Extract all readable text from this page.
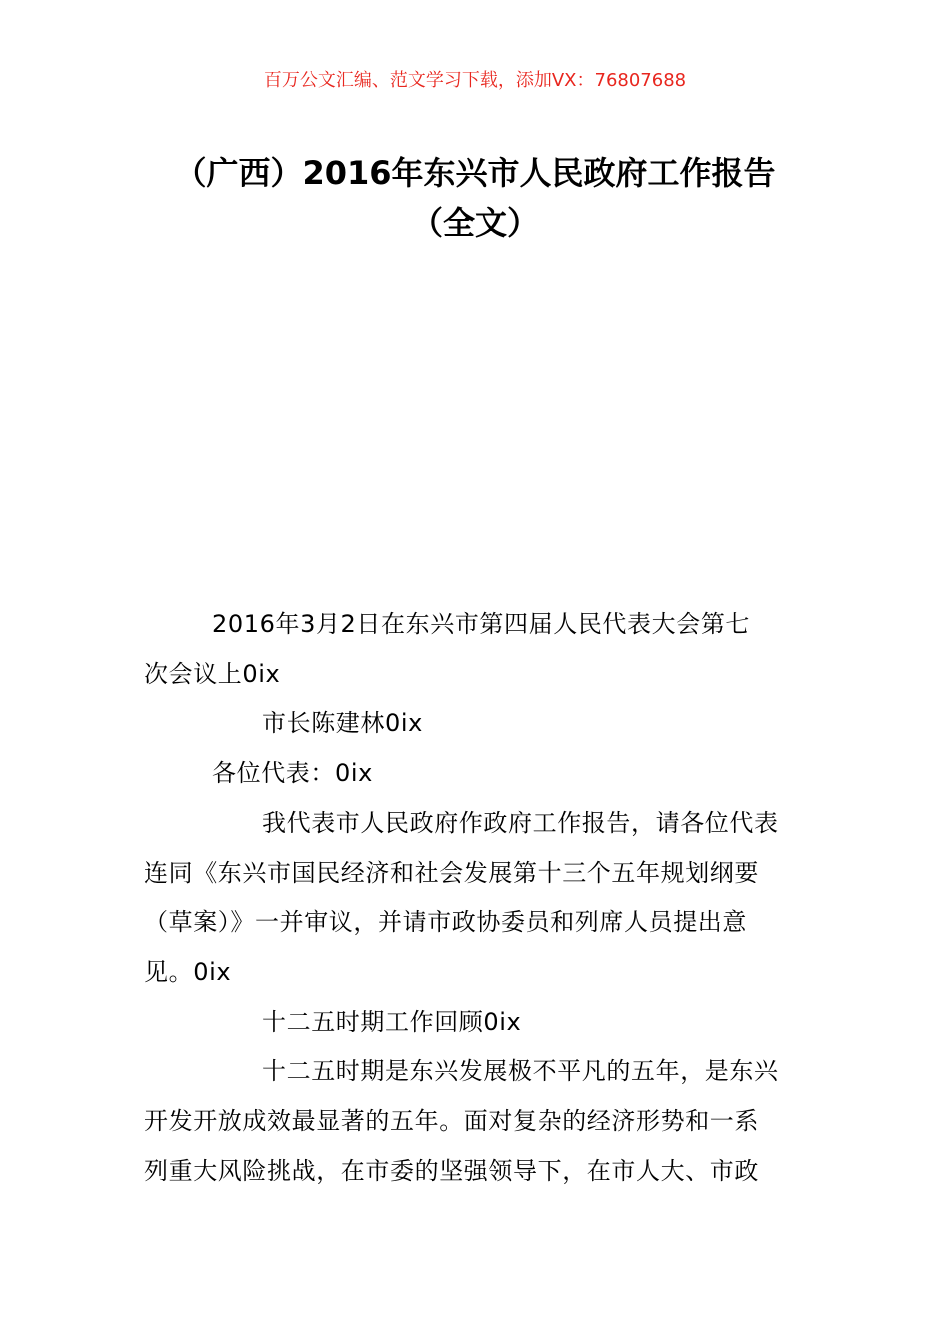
百万公文汇编、范文学习下载，添加VX：76807688
（广西）2016年东兴市人民政府工作报告
（全文）
2016年3月2日在东兴市第四届人民代表大会第七
次会议上0ix
市长陈建林0ix
各位代表：0ix
我代表市人民政府作政府工作报告，请各位代表
连同《东兴市国民经济和社会发展第十三个五年规划纲要
（草案）》一并审议，并请市政协委员和列席人员提出意
见。0ix
十二五时期工作回顾0ix
十二五时期是东兴发展极不平凡的五年，是东兴
开发开放成效最显著的五年。面对复杂的经济形势和一系
列重大风险挑战，在市委的坚强领导下，在市人大、市政
